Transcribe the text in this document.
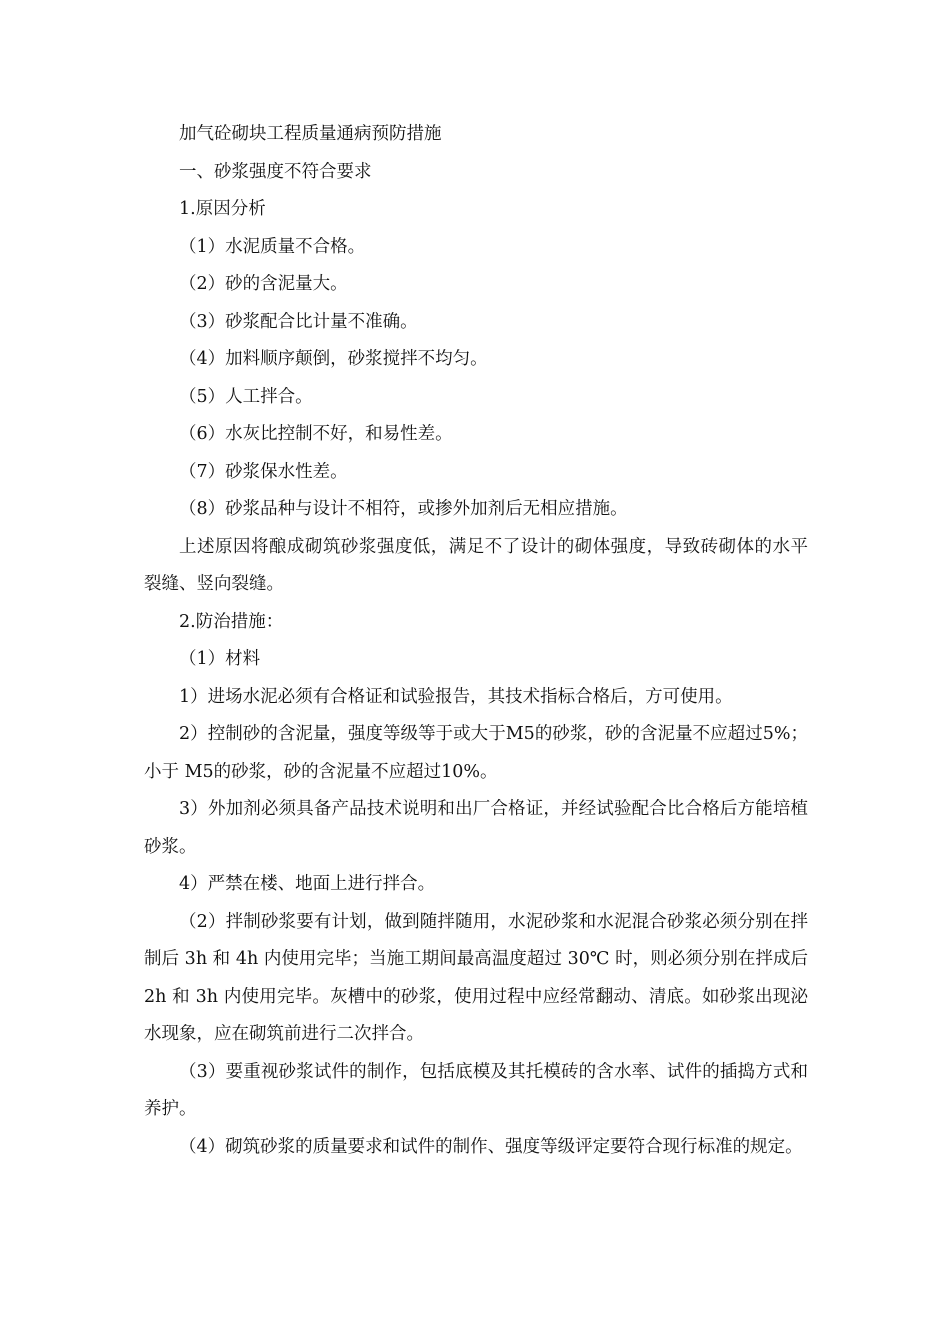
加气砼砌块工程质量通病预防措施

一、砂浆强度不符合要求

1.原因分析

（1）水泥质量不合格。

（2）砂的含泥量大。

（3）砂浆配合比计量不准确。

（4）加料顺序颠倒，砂浆搅拌不均匀。

（5）人工拌合。

（6）水灰比控制不好，和易性差。

（7）砂浆保水性差。

（8）砂浆品种与设计不相符，或掺外加剂后无相应措施。

上述原因将酿成砌筑砂浆强度低，满足不了设计的砌体强度，导致砖砌体的水平裂缝、竖向裂缝。

2.防治措施：

（1）材料

1）进场水泥必须有合格证和试验报告，其技术指标合格后，方可使用。

2）控制砂的含泥量，强度等级等于或大于M5的砂浆，砂的含泥量不应超过5%；小于 M5的砂浆，砂的含泥量不应超过10%。

3）外加剂必须具备产品技术说明和出厂合格证，并经试验配合比合格后方能培植砂浆。

4）严禁在楼、地面上进行拌合。

（2）拌制砂浆要有计划，做到随拌随用，水泥砂浆和水泥混合砂浆必须分别在拌制后 3h 和 4h 内使用完毕；当施工期间最高温度超过 30℃ 时，则必须分别在拌成后 2h 和 3h 内使用完毕。灰槽中的砂浆，使用过程中应经常翻动、清底。如砂浆出现泌水现象，应在砌筑前进行二次拌合。

（3）要重视砂浆试件的制作，包括底模及其托模砖的含水率、试件的插捣方式和养护。

（4）砌筑砂浆的质量要求和试件的制作、强度等级评定要符合现行标准的规定。
